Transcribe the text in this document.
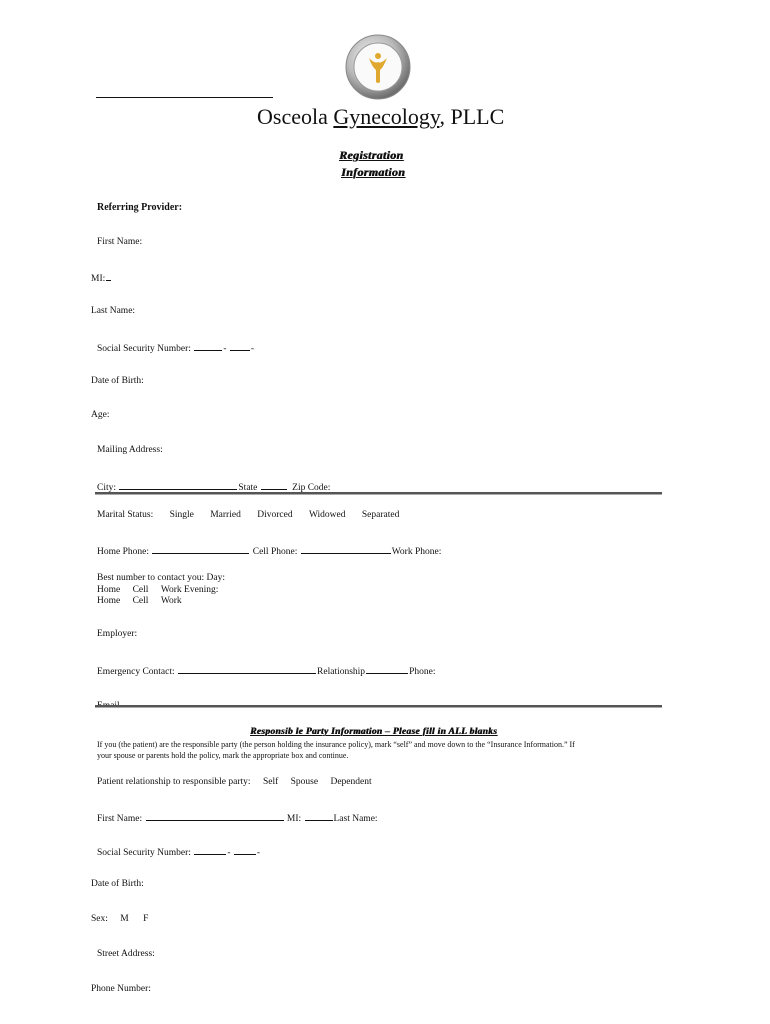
Osceola Gynecology, PLLC
Registration
Information
Referring Provider:
First Name:
MI:
Last Name:
Social Security Number:	- -
Date of Birth:
Age:
Mailing Address:
City:	State	Zip Code:
Marital Status: Single Married Divorced Widowed Separated
Home Phone:	Cell Phone:	Work Phone:
Best number to contact you: Day:
Home Cell Work Evening:
Home Cell Work
Employer:
Emergency Contact:	Relationship	Phone:
Email
Responsib le Party Information – Please fill in ALL blanks
If you (the patient) are the responsible party (the person holding the insurance policy), mark “self” and move down to the “Insurance Information.” If
your spouse or parents hold the policy, mark the appropriate box and continue.
Patient relationship to responsible party: Self Spouse Dependent
First Name:	MI:	Last Name:
Social Security Number:	-	-
Date of Birth:
Sex: M F
Street Address:
Phone Number:
